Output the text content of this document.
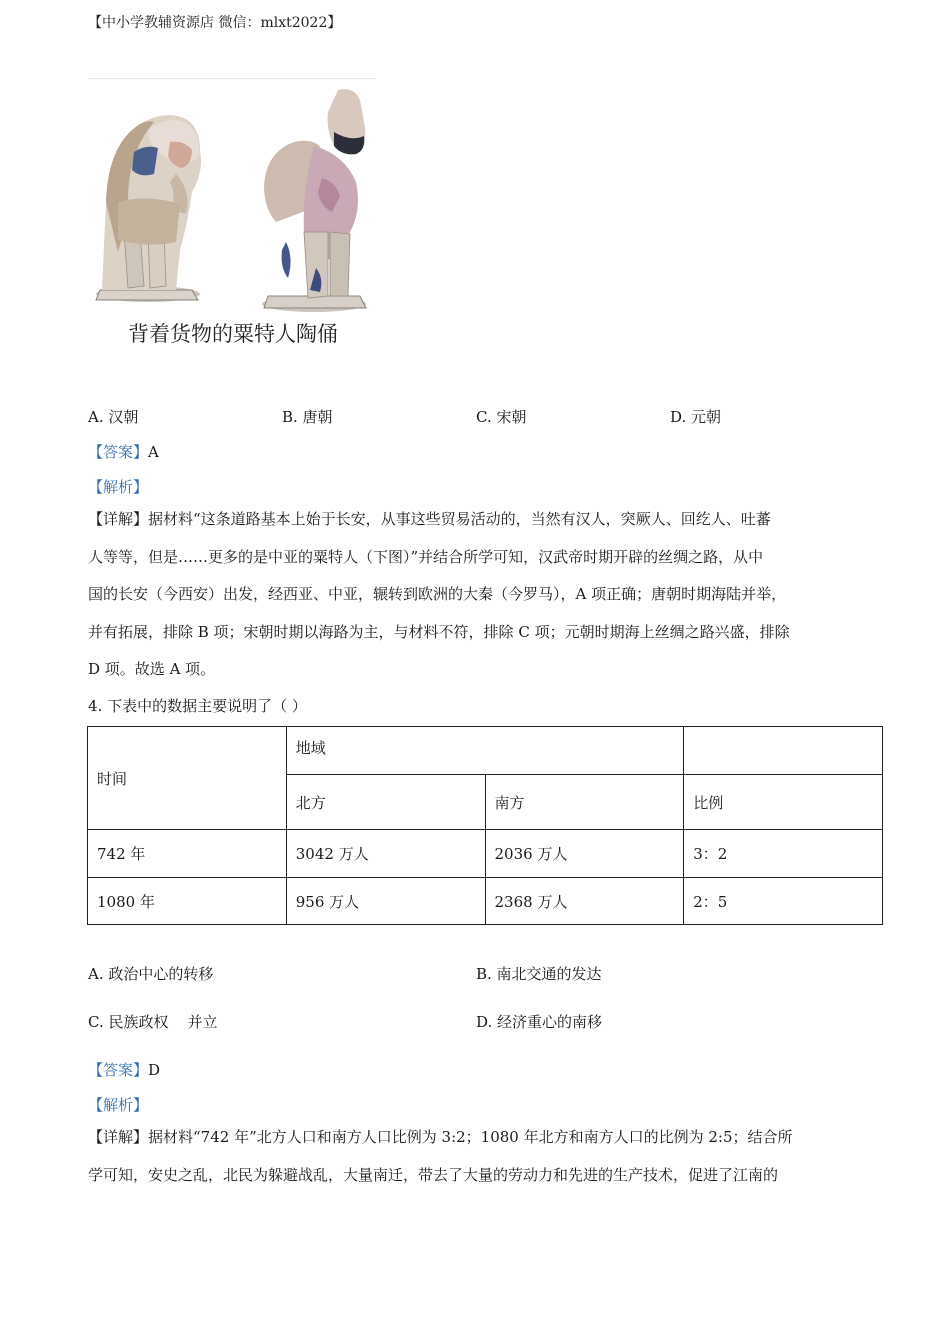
【中小学教辅资源店 微信：mlxt2022】
背着货物的粟特人陶俑
A. 汉朝	B. 唐朝	C. 宋朝	D. 元朝
【答案】A
【解析】
【详解】据材料“这条道路基本上始于长安，从事这些贸易活动的，当然有汉人，突厥人、回纥人、吐蕃
人等等，但是……更多的是中亚的粟特人（下图）”并结合所学可知，汉武帝时期开辟的丝绸之路，从中
国的长安（今西安）出发，经西亚、中亚，辗转到欧洲的大秦（今罗马），A 项正确；唐朝时期海陆并举，
并有拓展，排除 B 项；宋朝时期以海路为主，与材料不符，排除 C 项；元朝时期海上丝绸之路兴盛，排除
D 项。故选 A 项。
4. 下表中的数据主要说明了（ ）
时间	地域		
	北方	南方	比例
742 年	3042 万人	2036 万人	3：2
1080 年	956 万人	2368 万人	2：5
A. 政治中心的转移	B. 南北交通的发达
C. 民族政权    并立	D. 经济重心的南移
【答案】D
【解析】
【详解】据材料“742 年”北方人口和南方人口比例为 3:2；1080 年北方和南方人口的比例为 2:5；结合所
学可知，安史之乱，北民为躲避战乱，大量南迁，带去了大量的劳动力和先进的生产技术，促进了江南的
